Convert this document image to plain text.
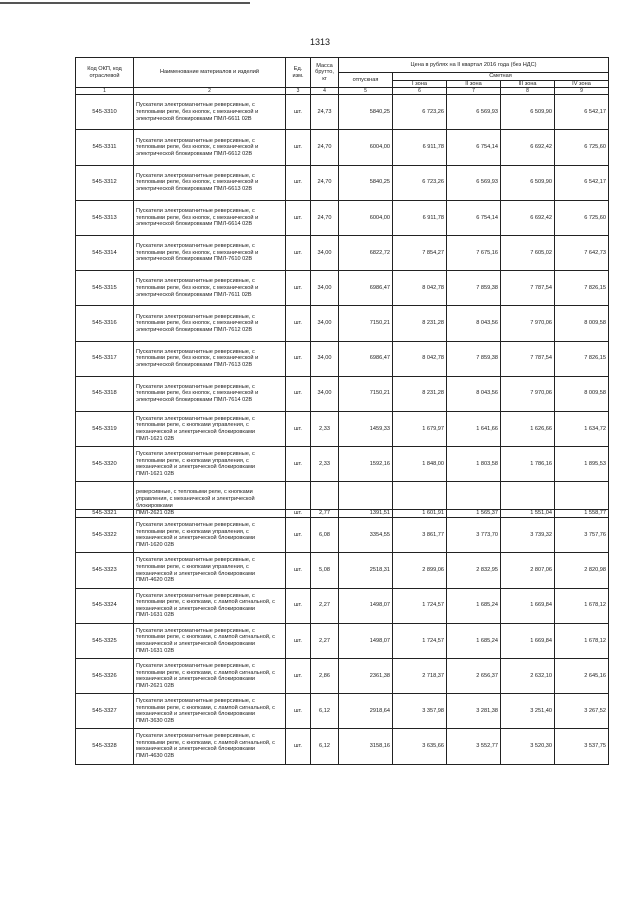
1313
Код ОКП, код отраслевой	Наименование материалов и изделий	Ед. изм.	Масса брутто, кг	Цена в рублях на II квартал 2016 года (без НДС)				
				отпускная	Сметная			
					I зона	II зона	III зона	IV зона
1	2	3	4	5	6	7	8	9
545-3310	Пускатели электромагнитные реверсивные, с тепловыми реле, без кнопок, с механической и электрической блокировками ПМЛ-6611 02В	шт.	24,73	5840,25	6 723,26	6 569,93	6 509,90	6 542,17
545-3311	Пускатели электромагнитные реверсивные, с тепловыми реле, без кнопок, с механической и электрической блокировками ПМЛ-6612 02В	шт.	24,70	6004,00	6 911,78	6 754,14	6 692,42	6 725,60
545-3312	Пускатели электромагнитные реверсивные, с тепловыми реле, без кнопок, с механической и электрической блокировками ПМЛ-6613 02В	шт.	24,70	5840,25	6 723,26	6 569,93	6 509,90	6 542,17
545-3313	Пускатели электромагнитные реверсивные, с тепловыми реле, без кнопок, с механической и электрической блокировками ПМЛ-6614 02В	шт.	24,70	6004,00	6 911,78	6 754,14	6 692,42	6 725,60
545-3314	Пускатели электромагнитные реверсивные, с тепловыми реле, без кнопок, с механической и электрической блокировками ПМЛ-7610 02В	шт.	34,00	6822,72	7 854,27	7 675,16	7 605,02	7 642,73
545-3315	Пускатели электромагнитные реверсивные, с тепловыми реле, без кнопок, с механической и электрической блокировками ПМЛ-7611 02В	шт.	34,00	6986,47	8 042,78	7 859,38	7 787,54	7 826,15
545-3316	Пускатели электромагнитные реверсивные, с тепловыми реле, без кнопок, с механической и электрической блокировками ПМЛ-7612 02В	шт.	34,00	7150,21	8 231,28	8 043,56	7 970,06	8 009,58
545-3317	Пускатели электромагнитные реверсивные, с тепловыми реле, без кнопок, с механической и электрической блокировками ПМЛ-7613 02В	шт.	34,00	6986,47	8 042,78	7 859,38	7 787,54	7 826,15
545-3318	Пускатели электромагнитные реверсивные, с тепловыми реле, без кнопок, с механической и электрической блокировками ПМЛ-7614 02В	шт.	34,00	7150,21	8 231,28	8 043,56	7 970,06	8 009,58
545-3319	Пускатели электромагнитные реверсивные, с тепловыми реле, с кнопками управления, с механической и электрической блокировками ПМЛ-1621 02В	шт.	2,33	1459,33	1 679,97	1 641,66	1 626,66	1 634,72
545-3320	Пускатели электромагнитные реверсивные, с тепловыми реле, с кнопками управления, с механической и электрической блокировками ПМЛ-1621 02В	шт.	2,33	1592,16	1 848,00	1 803,58	1 786,16	1 895,53
	реверсивные, с тепловыми реле, с кнопками управления, с механической и электрической блокировками							
545-3321	ПМЛ-2621 02В	шт.	2,77	1391,51	1 601,91	1 565,37	1 551,04	1 558,77
545-3322	Пускатели электромагнитные реверсивные, с тепловыми реле, с кнопками управления, с механической и электрической блокировками ПМЛ-1620 02В	шт.	6,08	3354,55	3 861,77	3 773,70	3 739,32	3 757,76
545-3323	Пускатели электромагнитные реверсивные, с тепловыми реле, с кнопками управления, с механической и электрической блокировками ПМЛ-4620 02В	шт.	5,08	2518,31	2 899,06	2 832,95	2 807,06	2 820,98
545-3324	Пускатели электромагнитные реверсивные, с тепловыми реле, с кнопками, с лампой сигнальной, с механической и электрической блокировками ПМЛ-1631 02В	шт.	2,27	1498,07	1 724,57	1 685,24	1 669,84	1 678,12
545-3325	Пускатели электромагнитные реверсивные, с тепловыми реле, с кнопками, с лампой сигнальной, с механической и электрической блокировками ПМЛ-1631 02В	шт.	2,27	1498,07	1 724,57	1 685,24	1 669,84	1 678,12
545-3326	Пускатели электромагнитные реверсивные, с тепловыми реле, с кнопками, с лампой сигнальной, с механической и электрической блокировками ПМЛ-2621 02В	шт.	2,86	2361,38	2 718,37	2 656,37	2 632,10	2 645,16
545-3327	Пускатели электромагнитные реверсивные, с тепловыми реле, с кнопками, с лампой сигнальной, с механической и электрической блокировками ПМЛ-3630 02В	шт.	6,12	2918,64	3 357,98	3 281,38	3 251,40	3 267,52
545-3328	Пускатели электромагнитные реверсивные, с тепловыми реле, с кнопками, с лампой сигнальной, с механической и электрической блокировками ПМЛ-4630 02В	шт.	6,12	3158,16	3 635,66	3 552,77	3 520,30	3 537,75
